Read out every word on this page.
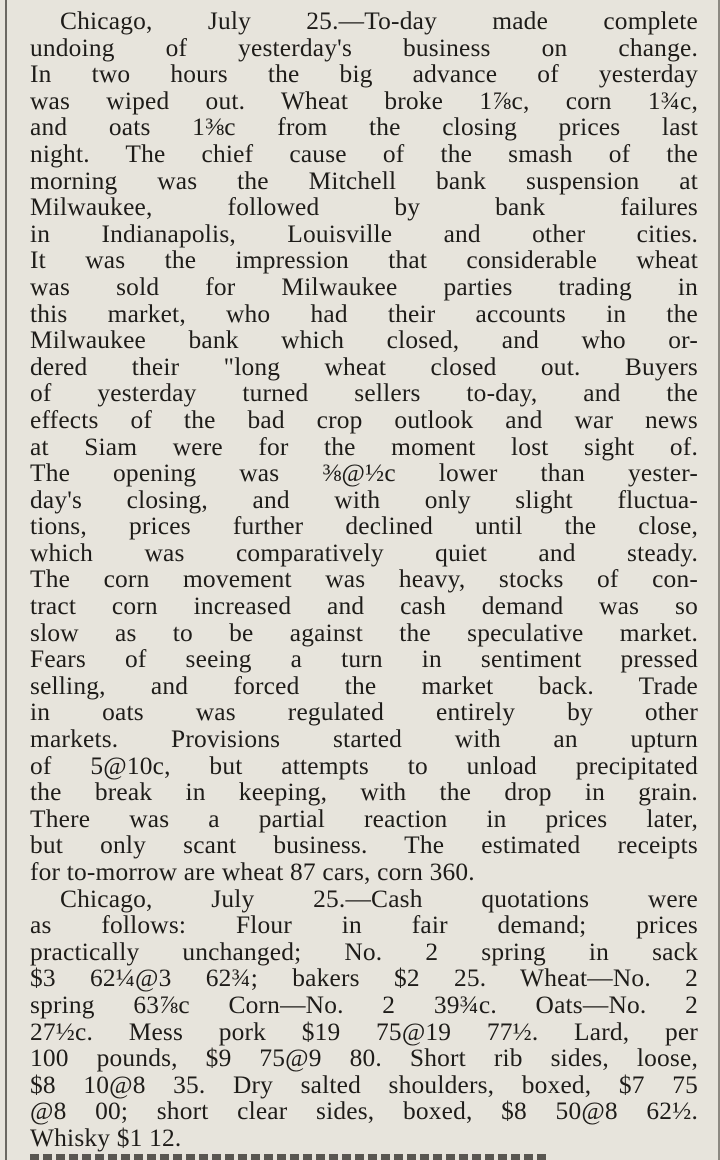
Chicago, July 25.—To-day made complete
undoing of yesterday's business on change.
In two hours the big advance of yesterday
was wiped out. Wheat broke 1⅞c, corn 1¾c,
and oats 1⅜c from the closing prices last
night. The chief cause of the smash of the
morning was the Mitchell bank suspension at
Milwaukee, followed by bank failures
in Indianapolis, Louisville and other cities.
It was the impression that considerable wheat
was sold for Milwaukee parties trading in
this market, who had their accounts in the
Milwaukee bank which closed, and who or-
dered their "long wheat closed out. Buyers
of yesterday turned sellers to-day, and the
effects of the bad crop outlook and war news
at Siam were for the moment lost sight of.
The opening was ⅜@½c lower than yester-
day's closing, and with only slight fluctua-
tions, prices further declined until the close,
which was comparatively quiet and steady.
The corn movement was heavy, stocks of con-
tract corn increased and cash demand was so
slow as to be against the speculative market.
Fears of seeing a turn in sentiment pressed
selling, and forced the market back. Trade
in oats was regulated entirely by other
markets. Provisions started with an upturn
of 5@10c, but attempts to unload precipitated
the break in keeping, with the drop in grain.
There was a partial reaction in prices later,
but only scant business. The estimated receipts
for to-morrow are wheat 87 cars, corn 360.
Chicago, July 25.—Cash quotations were
as follows: Flour in fair demand; prices
practically unchanged; No. 2 spring in sack
$3 62¼@3 62¾; bakers $2 25. Wheat—No. 2
spring 63⅞c Corn—No. 2 39¾c. Oats—No. 2
27½c. Mess pork $19 75@19 77½. Lard, per
100 pounds, $9 75@9 80. Short rib sides, loose,
$8 10@8 35. Dry salted shoulders, boxed, $7 75
@8 00; short clear sides, boxed, $8 50@8 62½.
Whisky $1 12.
